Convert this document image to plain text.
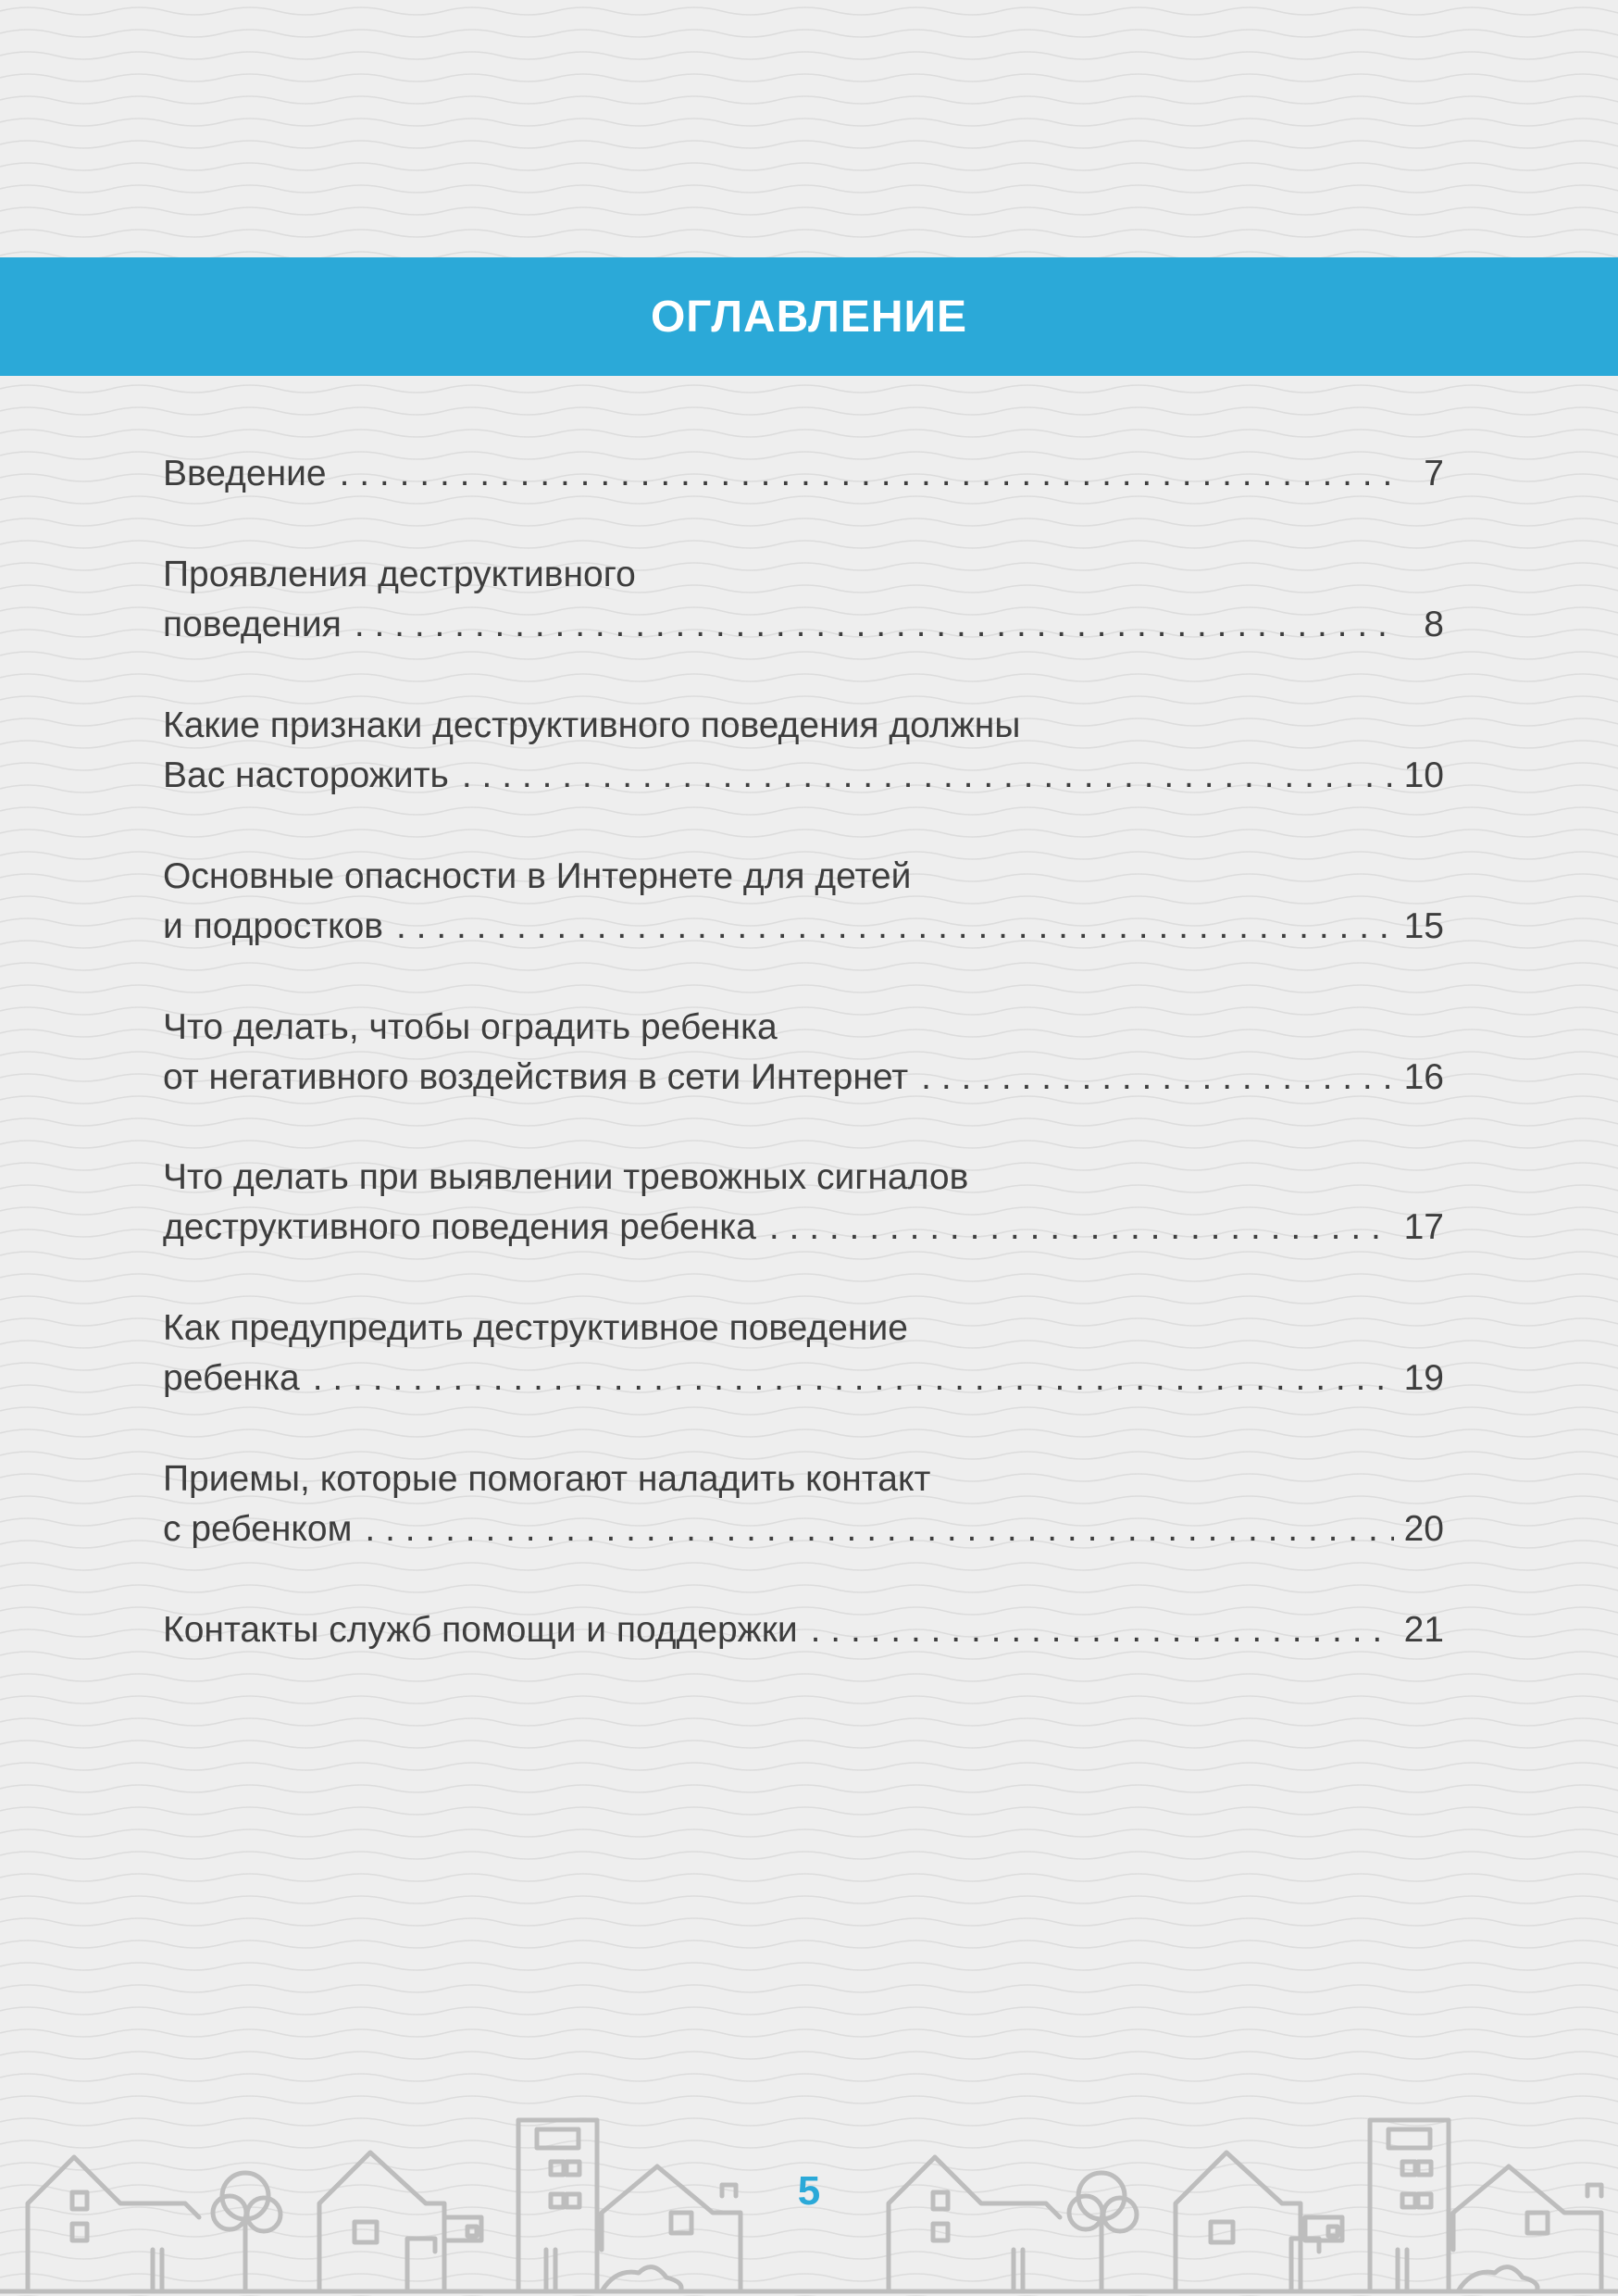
ОГЛАВЛЕНИЕ
Введение . . .	7
Проявления деструктивного
поведения . . .	8
Какие признаки деструктивного поведения должны
Вас насторожить . . .	10
Основные опасности в Интернете для детей
и подростков . . .	15
Что делать, чтобы оградить ребенка
от негативного воздействия в сети Интернет . . .	16
Что делать при выявлении тревожных сигналов
деструктивного поведения ребенка . . .	17
Как предупредить деструктивное поведение
ребенка . . .	19
Приемы, которые помогают наладить контакт
с ребенком . . .	20
Контакты служб помощи и поддержки . . .	21
5
